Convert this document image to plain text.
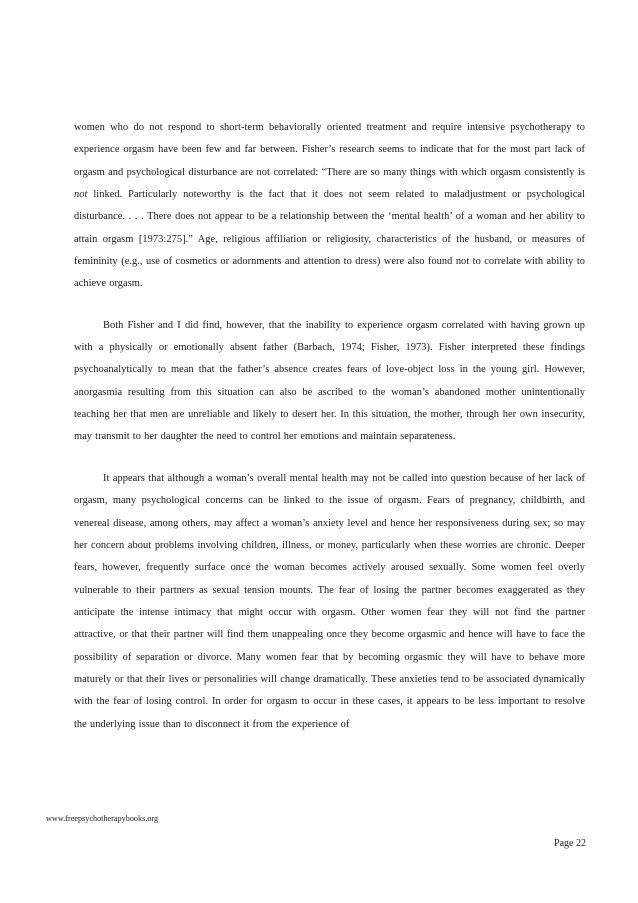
women who do not respond to short-term behaviorally oriented treatment and require intensive psychotherapy to experience orgasm have been few and far between. Fisher’s research seems to indicate that for the most part lack of orgasm and psychological disturbance are not correlated: “There are so many things with which orgasm consistently is not linked. Particularly noteworthy is the fact that it does not seem related to maladjustment or psychological disturbance. . . . There does not appear to be a relationship between the ‘mental health’ of a woman and her ability to attain orgasm [1973:275].” Age, religious affiliation or religiosity, characteristics of the husband, or measures of femininity (e.g., use of cosmetics or adornments and attention to dress) were also found not to correlate with ability to achieve orgasm.

Both Fisher and I did find, however, that the inability to experience orgasm correlated with having grown up with a physically or emotionally absent father (Barbach, 1974; Fisher, 1973). Fisher interpreted these findings psychoanalytically to mean that the father’s absence creates fears of love-object loss in the young girl. However, anorgasmia resulting from this situation can also be ascribed to the woman’s abandoned mother unintentionally teaching her that men are unreliable and likely to desert her. In this situation, the mother, through her own insecurity, may transmit to her daughter the need to control her emotions and maintain separateness.

It appears that although a woman’s overall mental health may not be called into question because of her lack of orgasm, many psychological concerns can be linked to the issue of orgasm. Fears of pregnancy, childbirth, and venereal disease, among others, may affect a woman’s anxiety level and hence her responsiveness during sex; so may her concern about problems involving children, illness, or money, particularly when these worries are chronic. Deeper fears, however, frequently surface once the woman becomes actively aroused sexually. Some women feel overly vulnerable to their partners as sexual tension mounts. The fear of losing the partner becomes exaggerated as they anticipate the intense intimacy that might occur with orgasm. Other women fear they will not find the partner attractive, or that their partner will find them unappealing once they become orgasmic and hence will have to face the possibility of separation or divorce. Many women fear that by becoming orgasmic they will have to behave more maturely or that their lives or personalities will change dramatically. These anxieties tend to be associated dynamically with the fear of losing control. In order for orgasm to occur in these cases, it appears to be less important to resolve the underlying issue than to disconnect it from the experience of

www.freepsychotherapybooks.org
Page 22
